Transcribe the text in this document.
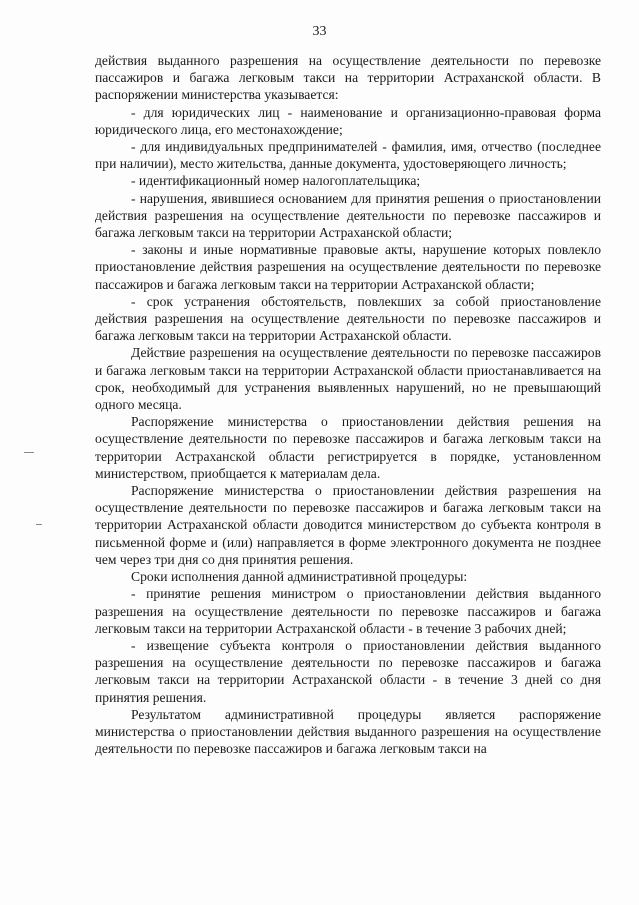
33

действия выданного разрешения на осуществление деятельности по перевозке пассажиров и багажа легковым такси на территории Астраханской области. В распоряжении министерства указывается:

- для юридических лиц - наименование и организационно-правовая форма юридического лица, его местонахождение;

- для индивидуальных предпринимателей - фамилия, имя, отчество (последнее при наличии), место жительства, данные документа, удостоверяющего личность;

- идентификационный номер налогоплательщика;

- нарушения, явившиеся основанием для принятия решения о приостановлении действия разрешения на осуществление деятельности по перевозке пассажиров и багажа легковым такси на территории Астраханской области;

- законы и иные нормативные правовые акты, нарушение которых повлекло приостановление действия разрешения на осуществление деятельности по перевозке пассажиров и багажа легковым такси на территории Астраханской области;

- срок устранения обстоятельств, повлекших за собой приостановление действия разрешения на осуществление деятельности по перевозке пассажиров и багажа легковым такси на территории Астраханской области.

Действие разрешения на осуществление деятельности по перевозке пассажиров и багажа легковым такси на территории Астраханской области приостанавливается на срок, необходимый для устранения выявленных нарушений, но не превышающий одного месяца.

Распоряжение министерства о приостановлении действия решения на осуществление деятельности по перевозке пассажиров и багажа легковым такси на территории Астраханской области регистрируется в порядке, установленном министерством, приобщается к материалам дела.

Распоряжение министерства о приостановлении действия разрешения на осуществление деятельности по перевозке пассажиров и багажа легковым такси на территории Астраханской области доводится министерством до субъекта контроля в письменной форме и (или) направляется в форме электронного документа не позднее чем через три дня со дня принятия решения.

Сроки исполнения данной административной процедуры:

- принятие решения министром о приостановлении действия выданного разрешения на осуществление деятельности по перевозке пассажиров и багажа легковым такси на территории Астраханской области - в течение 3 рабочих дней;

- извещение субъекта контроля о приостановлении действия выданного разрешения на осуществление деятельности по перевозке пассажиров и багажа легковым такси на территории Астраханской области - в течение 3 дней со дня принятия решения.

Результатом административной процедуры является распоряжение министерства о приостановлении действия выданного разрешения на осуществление деятельности по перевозке пассажиров и багажа легковым такси на
